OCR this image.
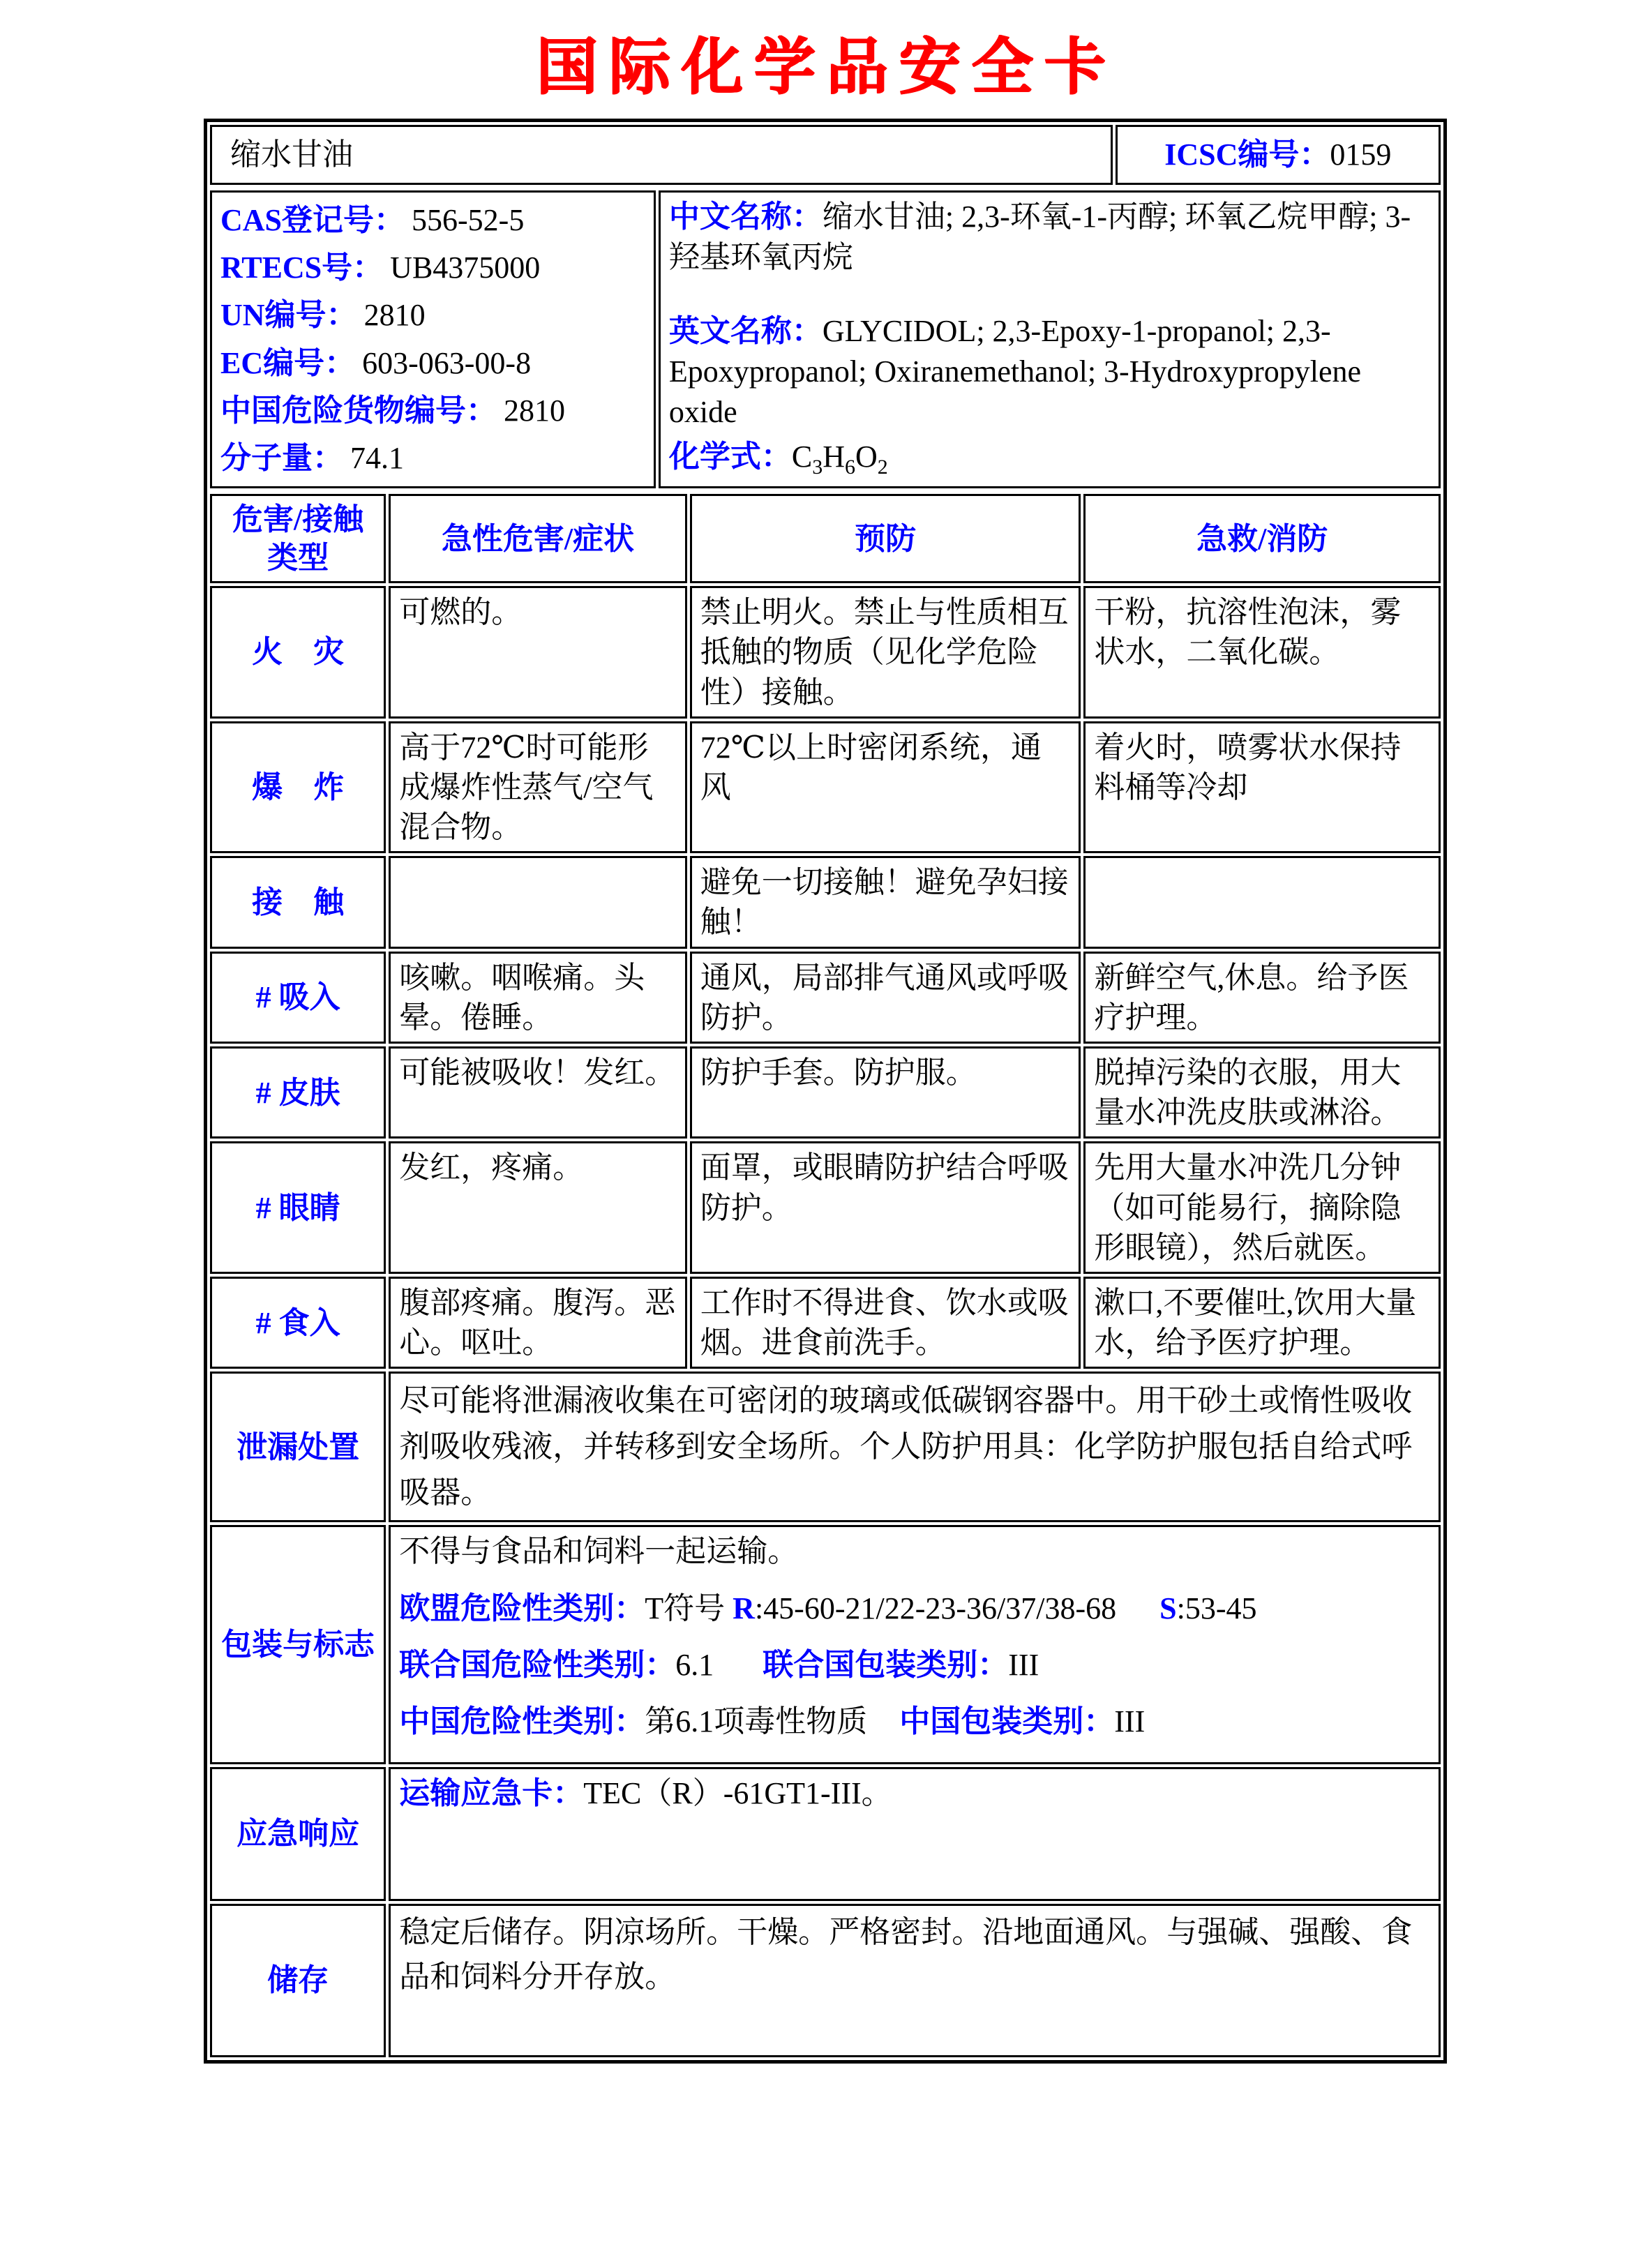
国际化学品安全卡
缩水甘油	ICSC编号：0159
CAS登记号： 556-52-5
RTECS号： UB4375000
UN编号： 2810
EC编号： 603-063-00-8
中国危险货物编号： 2810
分子量： 74.1

中文名称：缩水甘油; 2,3-环氧-1-丙醇; 环氧乙烷甲醇; 3-羟基环氧丙烷
英文名称：GLYCIDOL; 2,3-Epoxy-1-propanol; 2,3-Epoxypropanol; Oxiranemethanol; 3-Hydroxypropylene oxide
化学式：$C_3H_6O_2$
危害/接触 类型	急性危害/症状	预防	急救/消防
火　灾	可燃的。	禁止明火。禁止与性质相互抵触的物质（见化学危险性）接触。	干粉，抗溶性泡沫，雾状水，二氧化碳。
爆　炸	高于72℃时可能形成爆炸性蒸气/空气混合物。	72℃以上时密闭系统，通风	着火时，喷雾状水保持料桶等冷却
接　触		避免一切接触！避免孕妇接触！	
# 吸入	咳嗽。咽喉痛。头晕。倦睡。	通风，局部排气通风或呼吸防护。	新鲜空气,休息。给予医疗护理。
# 皮肤	可能被吸收！发红。	防护手套。防护服。	脱掉污染的衣服，用大量水冲洗皮肤或淋浴。
# 眼睛	发红，疼痛。	面罩，或眼睛防护结合呼吸防护。	先用大量水冲洗几分钟（如可能易行，摘除隐形眼镜），然后就医。
# 食入	腹部疼痛。腹泻。恶心。呕吐。	工作时不得进食、饮水或吸烟。进食前洗手。	漱口,不要催吐,饮用大量水，给予医疗护理。
泄漏处置	尽可能将泄漏液收集在可密闭的玻璃或低碳钢容器中。用干砂土或惰性吸收剂吸收残液，并转移到安全场所。个人防护用具：化学防护服包括自给式呼吸器。		
包装与标志	不得与食品和饲料一起运输。
欧盟危险性类别：T符号 R:45-60-21/22-23-36/37/38-68 S:53-45
联合国危险性类别：6.1 联合国包装类别：III
中国危险性类别：第6.1项毒性物质 中国包装类别：III		

应急响应	运输应急卡：TEC（R）-61GT1-III。		
储存	稳定后储存。阴凉场所。干燥。严格密封。沿地面通风。与强碱、强酸、食品和饲料分开存放。		
